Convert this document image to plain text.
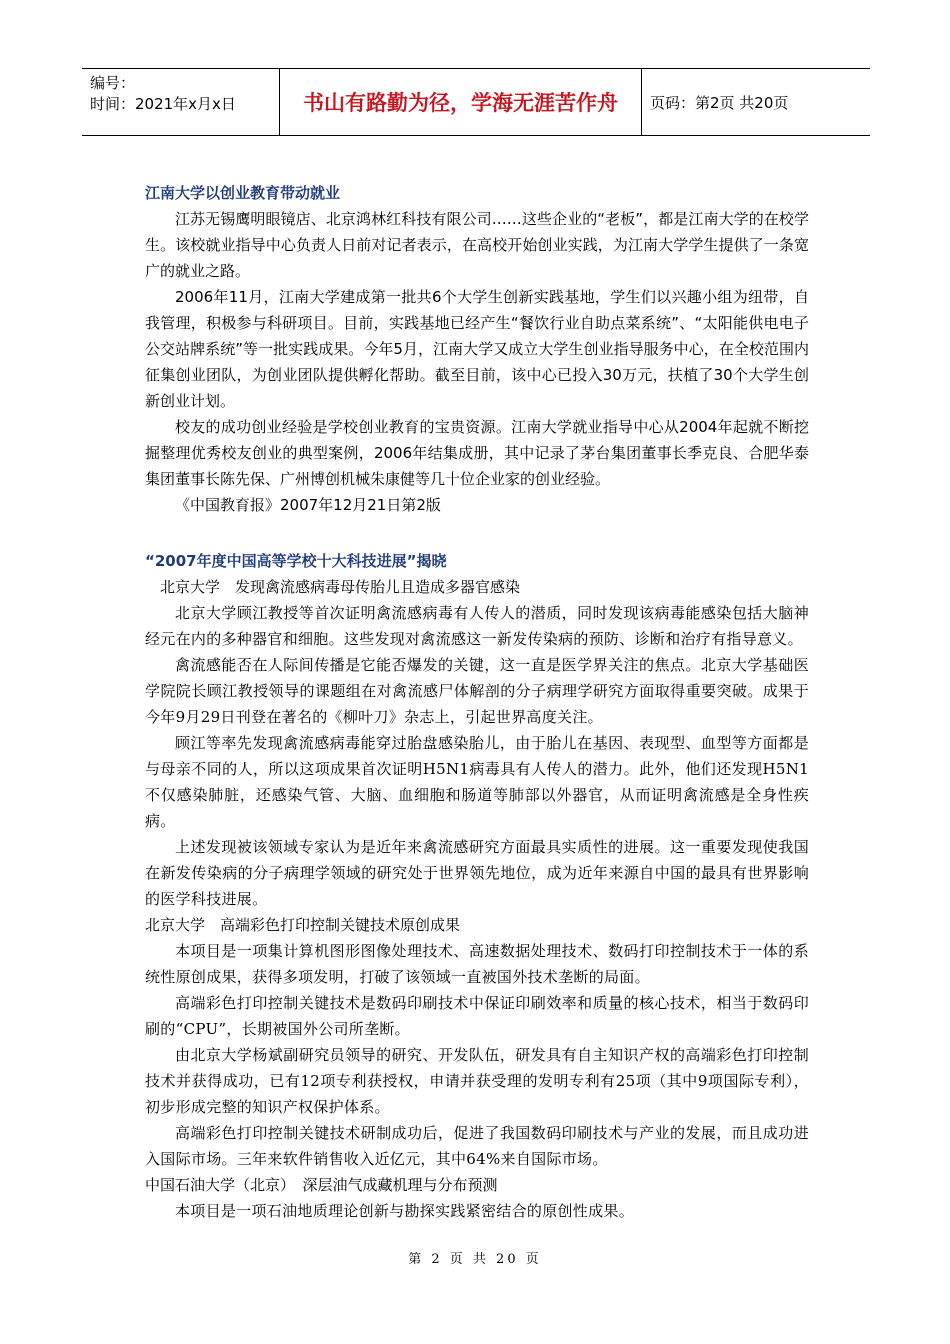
编号：
时间：2021年x月x日	书山有路勤为径，学海无涯苦作舟	页码：第2页 共20页
江南大学以创业教育带动就业

江苏无锡鹰明眼镜店、北京鸿林红科技有限公司……这些企业的“老板”，都是江南大学的在校学生。该校就业指导中心负责人日前对记者表示，在高校开始创业实践，为江南大学学生提供了一条宽广的就业之路。

2006年11月，江南大学建成第一批共6个大学生创新实践基地，学生们以兴趣小组为纽带，自我管理，积极参与科研项目。目前，实践基地已经产生“餐饮行业自助点菜系统”、“太阳能供电电子公交站牌系统”等一批实践成果。今年5月，江南大学又成立大学生创业指导服务中心，在全校范围内征集创业团队，为创业团队提供孵化帮助。截至目前，该中心已投入30万元，扶植了30个大学生创新创业计划。

校友的成功创业经验是学校创业教育的宝贵资源。江南大学就业指导中心从2004年起就不断挖掘整理优秀校友创业的典型案例，2006年结集成册，其中记录了茅台集团董事长季克良、合肥华泰集团董事长陈先保、广州博创机械朱康健等几十位企业家的创业经验。

《中国教育报》2007年12月21日第2版

“2007年度中国高等学校十大科技进展”揭晓
北京大学　发现禽流感病毒母传胎儿且造成多器官感染

北京大学顾江教授等首次证明禽流感病毒有人传人的潜质，同时发现该病毒能感染包括大脑神经元在内的多种器官和细胞。这些发现对禽流感这一新发传染病的预防、诊断和治疗有指导意义。

禽流感能否在人际间传播是它能否爆发的关键，这一直是医学界关注的焦点。北京大学基础医学院院长顾江教授领导的课题组在对禽流感尸体解剖的分子病理学研究方面取得重要突破。成果于今年9月29日刊登在著名的《柳叶刀》杂志上，引起世界高度关注。

顾江等率先发现禽流感病毒能穿过胎盘感染胎儿，由于胎儿在基因、表现型、血型等方面都是与母亲不同的人，所以这项成果首次证明H5N1病毒具有人传人的潜力。此外，他们还发现H5N1不仅感染肺脏，还感染气管、大脑、血细胞和肠道等肺部以外器官，从而证明禽流感是全身性疾病。

上述发现被该领域专家认为是近年来禽流感研究方面最具实质性的进展。这一重要发现使我国在新发传染病的分子病理学领域的研究处于世界领先地位，成为近年来源自中国的最具有世界影响的医学科技进展。

北京大学　高端彩色打印控制关键技术原创成果

本项目是一项集计算机图形图像处理技术、高速数据处理技术、数码打印控制技术于一体的系统性原创成果，获得多项发明，打破了该领域一直被国外技术垄断的局面。

高端彩色打印控制关键技术是数码印刷技术中保证印刷效率和质量的核心技术，相当于数码印刷的“CPU”，长期被国外公司所垄断。

由北京大学杨斌副研究员领导的研究、开发队伍，研发具有自主知识产权的高端彩色打印控制技术并获得成功，已有12项专利获授权，申请并获受理的发明专利有25项（其中9项国际专利），初步形成完整的知识产权保护体系。

高端彩色打印控制关键技术研制成功后，促进了我国数码印刷技术与产业的发展，而且成功进入国际市场。三年来软件销售收入近亿元，其中64%来自国际市场。

中国石油大学（北京）　深层油气成藏机理与分布预测

本项目是一项石油地质理论创新与勘探实践紧密结合的原创性成果。

第 2 页 共 20 页
